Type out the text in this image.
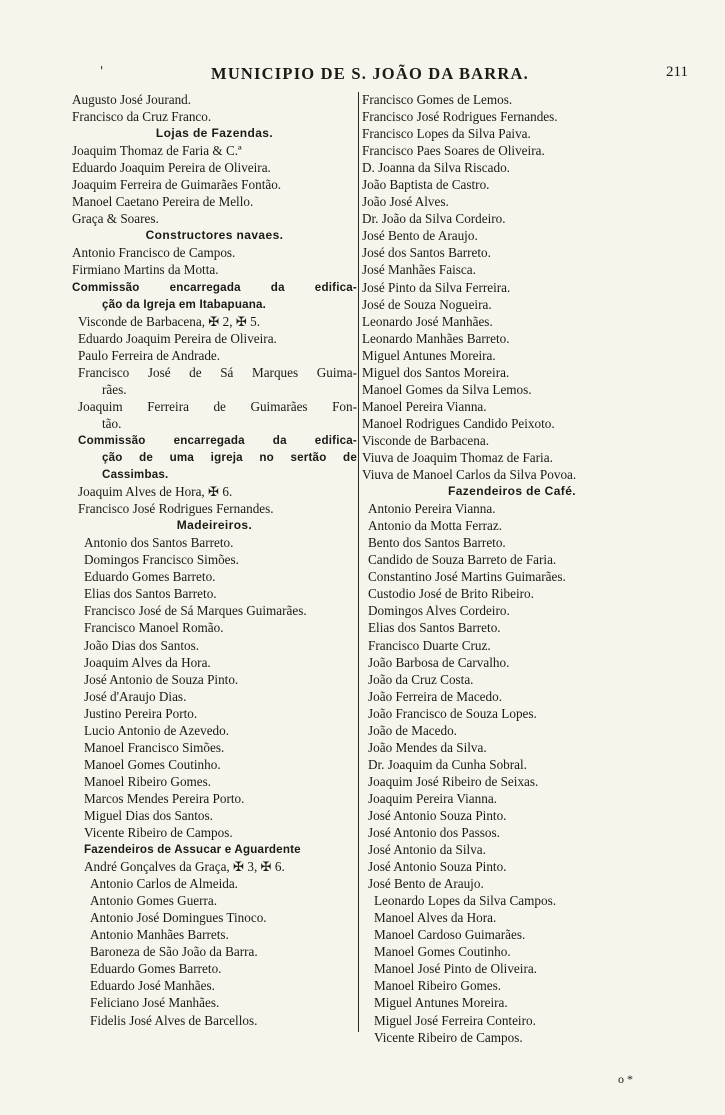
'	MUNICIPIO DE S. JOÃO DA BARRA.	211
Augusto José Jourand.
Francisco da Cruz Franco.
Lojas de Fazendas.
Joaquim Thomaz de Faria & C.ª
Eduardo Joaquim Pereira de Oliveira.
Joaquim Ferreira de Guimarães Fontão.
Manoel Caetano Pereira de Mello.
Graça & Soares.
Constructores navaes.
Antonio Francisco de Campos.
Firmiano Martins da Motta.
Commissão encarregada da edifica-
ção da Igreja em Itabapuana.
Visconde de Barbacena, ✠ 2, ✠ 5.
Eduardo Joaquim Pereira de Oliveira.
Paulo Ferreira de Andrade.
Francisco José de Sá Marques Guima-
rães.
Joaquim Ferreira de Guimarães Fon-
tão.
Commissão encarregada da edifica-
ção de uma igreja no sertão de
Cassimbas.
Joaquim Alves de Hora, ✠ 6.
Francisco José Rodrigues Fernandes.
Madeireiros.
Antonio dos Santos Barreto.
Domingos Francisco Simões.
Eduardo Gomes Barreto.
Elias dos Santos Barreto.
Francisco José de Sá Marques Guimarães.
Francisco Manoel Romão.
João Dias dos Santos.
Joaquim Alves da Hora.
José Antonio de Souza Pinto.
José d'Araujo Dias.
Justino Pereira Porto.
Lucio Antonio de Azevedo.
Manoel Francisco Simões.
Manoel Gomes Coutinho.
Manoel Ribeiro Gomes.
Marcos Mendes Pereira Porto.
Miguel Dias dos Santos.
Vicente Ribeiro de Campos.
Fazendeiros de Assucar e Aguardente
André Gonçalves da Graça, ✠ 3, ✠ 6.
Antonio Carlos de Almeida.
Antonio Gomes Guerra.
Antonio José Domingues Tinoco.
Antonio Manhães Barrets.
Baroneza de São João da Barra.
Eduardo Gomes Barreto.
Eduardo José Manhães.
Feliciano José Manhães.
Fidelis José Alves de Barcellos.
Francisco Gomes de Lemos.
Francisco José Rodrigues Fernandes.
Francisco Lopes da Silva Paiva.
Francisco Paes Soares de Oliveira.
D. Joanna da Silva Riscado.
João Baptista de Castro.
João José Alves.
Dr. João da Silva Cordeiro.
José Bento de Araujo.
José dos Santos Barreto.
José Manhães Faisca.
José Pinto da Silva Ferreira.
José de Souza Nogueira.
Leonardo José Manhães.
Leonardo Manhães Barreto.
Miguel Antunes Moreira.
Miguel dos Santos Moreira.
Manoel Gomes da Silva Lemos.
Manoel Pereira Vianna.
Manoel Rodrigues Candido Peixoto.
Visconde de Barbacena.
Viuva de Joaquim Thomaz de Faria.
Viuva de Manoel Carlos da Silva Povoa.
Fazendeiros de Café.
Antonio Pereira Vianna.
Antonio da Motta Ferraz.
Bento dos Santos Barreto.
Candido de Souza Barreto de Faria.
Constantino José Martins Guimarães.
Custodio José de Brito Ribeiro.
Domingos Alves Cordeiro.
Elias dos Santos Barreto.
Francisco Duarte Cruz.
João Barbosa de Carvalho.
João da Cruz Costa.
João Ferreira de Macedo.
João Francisco de Souza Lopes.
João de Macedo.
João Mendes da Silva.
Dr. Joaquim da Cunha Sobral.
Joaquim José Ribeiro de Seixas.
Joaquim Pereira Vianna.
José Antonio Souza Pinto.
José Antonio dos Passos.
José Antonio da Silva.
José Antonio Souza Pinto.
José Bento de Araujo.
Leonardo Lopes da Silva Campos.
Manoel Alves da Hora.
Manoel Cardoso Guimarães.
Manoel Gomes Coutinho.
Manoel José Pinto de Oliveira.
Manoel Ribeiro Gomes.
Miguel Antunes Moreira.
Miguel José Ferreira Conteiro.
Vicente Ribeiro de Campos.
o *
